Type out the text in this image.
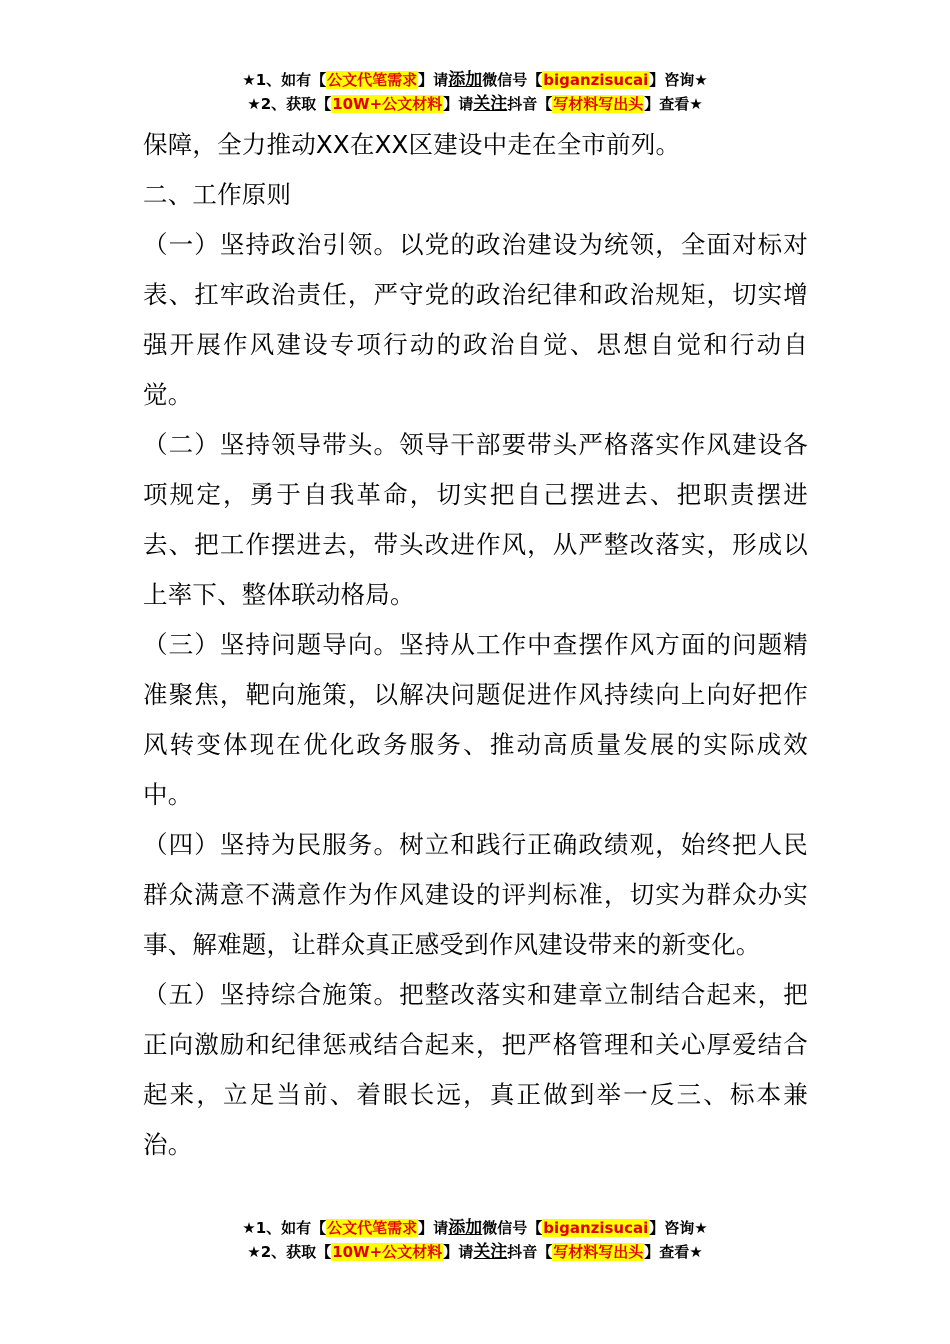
★1、如有【公文代笔需求】请添加微信号【biganzisucai】咨询★
★2、获取【10W+公文材料】请关注抖音【写材料写出头】查看★

保障，全力推动XX在XX区建设中走在全市前列。

二、工作原则

（一）坚持政治引领。以党的政治建设为统领，全面对标对表、扛牢政治责任，严守党的政治纪律和政治规矩，切实增强开展作风建设专项行动的政治自觉、思想自觉和行动自觉。

（二）坚持领导带头。领导干部要带头严格落实作风建设各项规定，勇于自我革命，切实把自己摆进去、把职责摆进去、把工作摆进去，带头改进作风，从严整改落实，形成以上率下、整体联动格局。

（三）坚持问题导向。坚持从工作中查摆作风方面的问题精准聚焦，靶向施策，以解决问题促进作风持续向上向好把作风转变体现在优化政务服务、推动高质量发展的实际成效中。

（四）坚持为民服务。树立和践行正确政绩观，始终把人民群众满意不满意作为作风建设的评判标准，切实为群众办实事、解难题，让群众真正感受到作风建设带来的新变化。

（五）坚持综合施策。把整改落实和建章立制结合起来，把正向激励和纪律惩戒结合起来，把严格管理和关心厚爱结合起来，立足当前、着眼长远，真正做到举一反三、标本兼治。

★1、如有【公文代笔需求】请添加微信号【biganzisucai】咨询★
★2、获取【10W+公文材料】请关注抖音【写材料写出头】查看★
